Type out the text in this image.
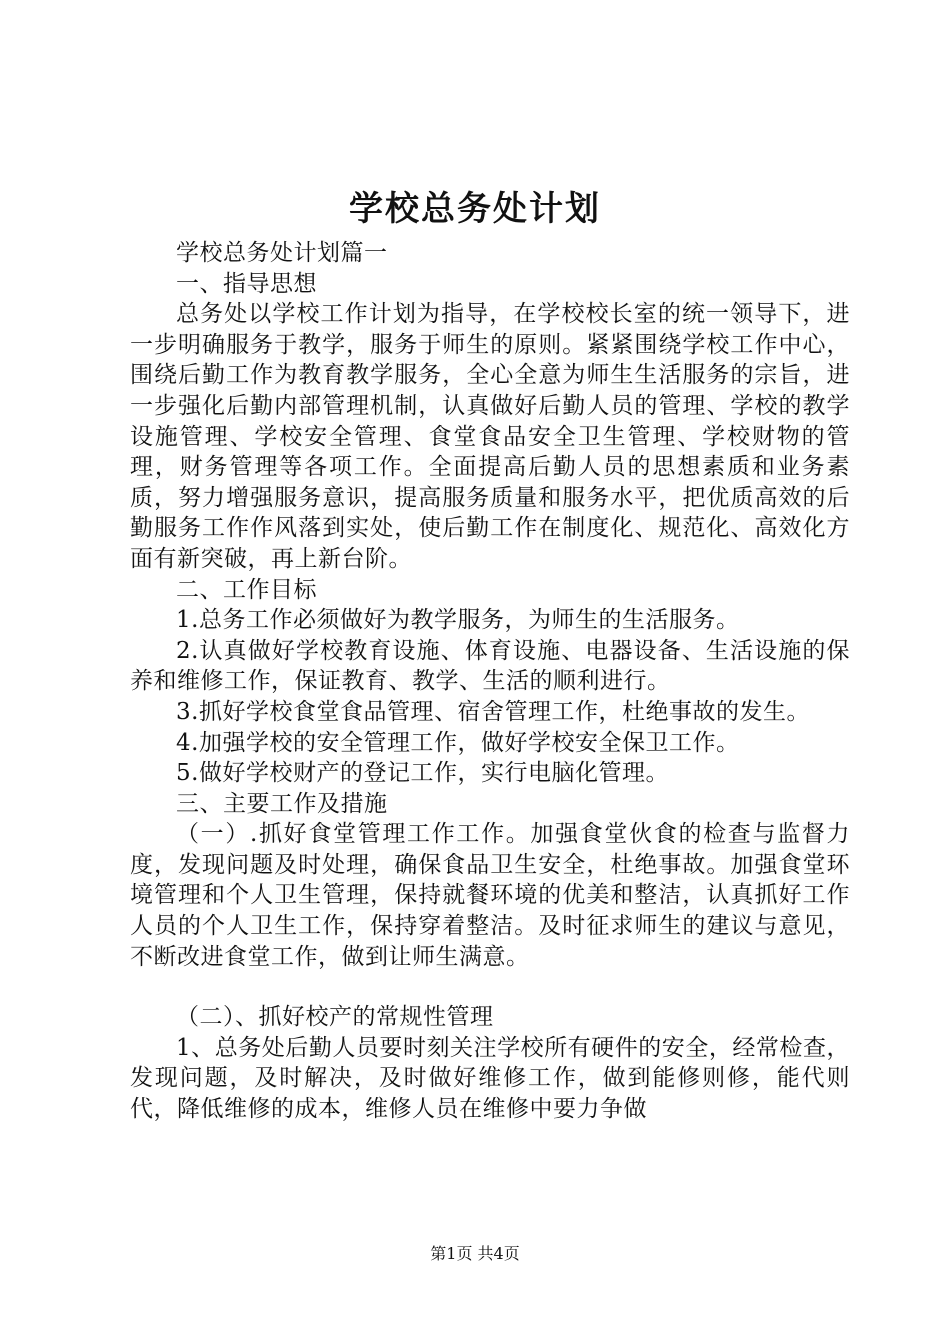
学校总务处计划

学校总务处计划篇一

一、指导思想

总务处以学校工作计划为指导，在学校校长室的统一领导下，进一步明确服务于教学，服务于师生的原则。紧紧围绕学校工作中心，围绕后勤工作为教育教学服务，全心全意为师生生活服务的宗旨，进一步强化后勤内部管理机制，认真做好后勤人员的管理、学校的教学设施管理、学校安全管理、食堂食品安全卫生管理、学校财物的管理，财务管理等各项工作。全面提高后勤人员的思想素质和业务素质，努力增强服务意识，提高服务质量和服务水平，把优质高效的后勤服务工作作风落到实处，使后勤工作在制度化、规范化、高效化方面有新突破，再上新台阶。

二、工作目标

1.总务工作必须做好为教学服务，为师生的生活服务。

2.认真做好学校教育设施、体育设施、电器设备、生活设施的保养和维修工作，保证教育、教学、生活的顺利进行。

3.抓好学校食堂食品管理、宿舍管理工作，杜绝事故的发生。

4.加强学校的安全管理工作，做好学校安全保卫工作。

5.做好学校财产的登记工作，实行电脑化管理。

三、主要工作及措施

（一）.抓好食堂管理工作工作。加强食堂伙食的检查与监督力度，发现问题及时处理，确保食品卫生安全，杜绝事故。加强食堂环境管理和个人卫生管理，保持就餐环境的优美和整洁，认真抓好工作人员的个人卫生工作，保持穿着整洁。及时征求师生的建议与意见，不断改进食堂工作，做到让师生满意。

（二）、抓好校产的常规性管理

1、总务处后勤人员要时刻关注学校所有硬件的安全，经常检查，发现问题，及时解决，及时做好维修工作，做到能修则修，能代则代，降低维修的成本，维修人员在维修中要力争做

第1页 共4页
